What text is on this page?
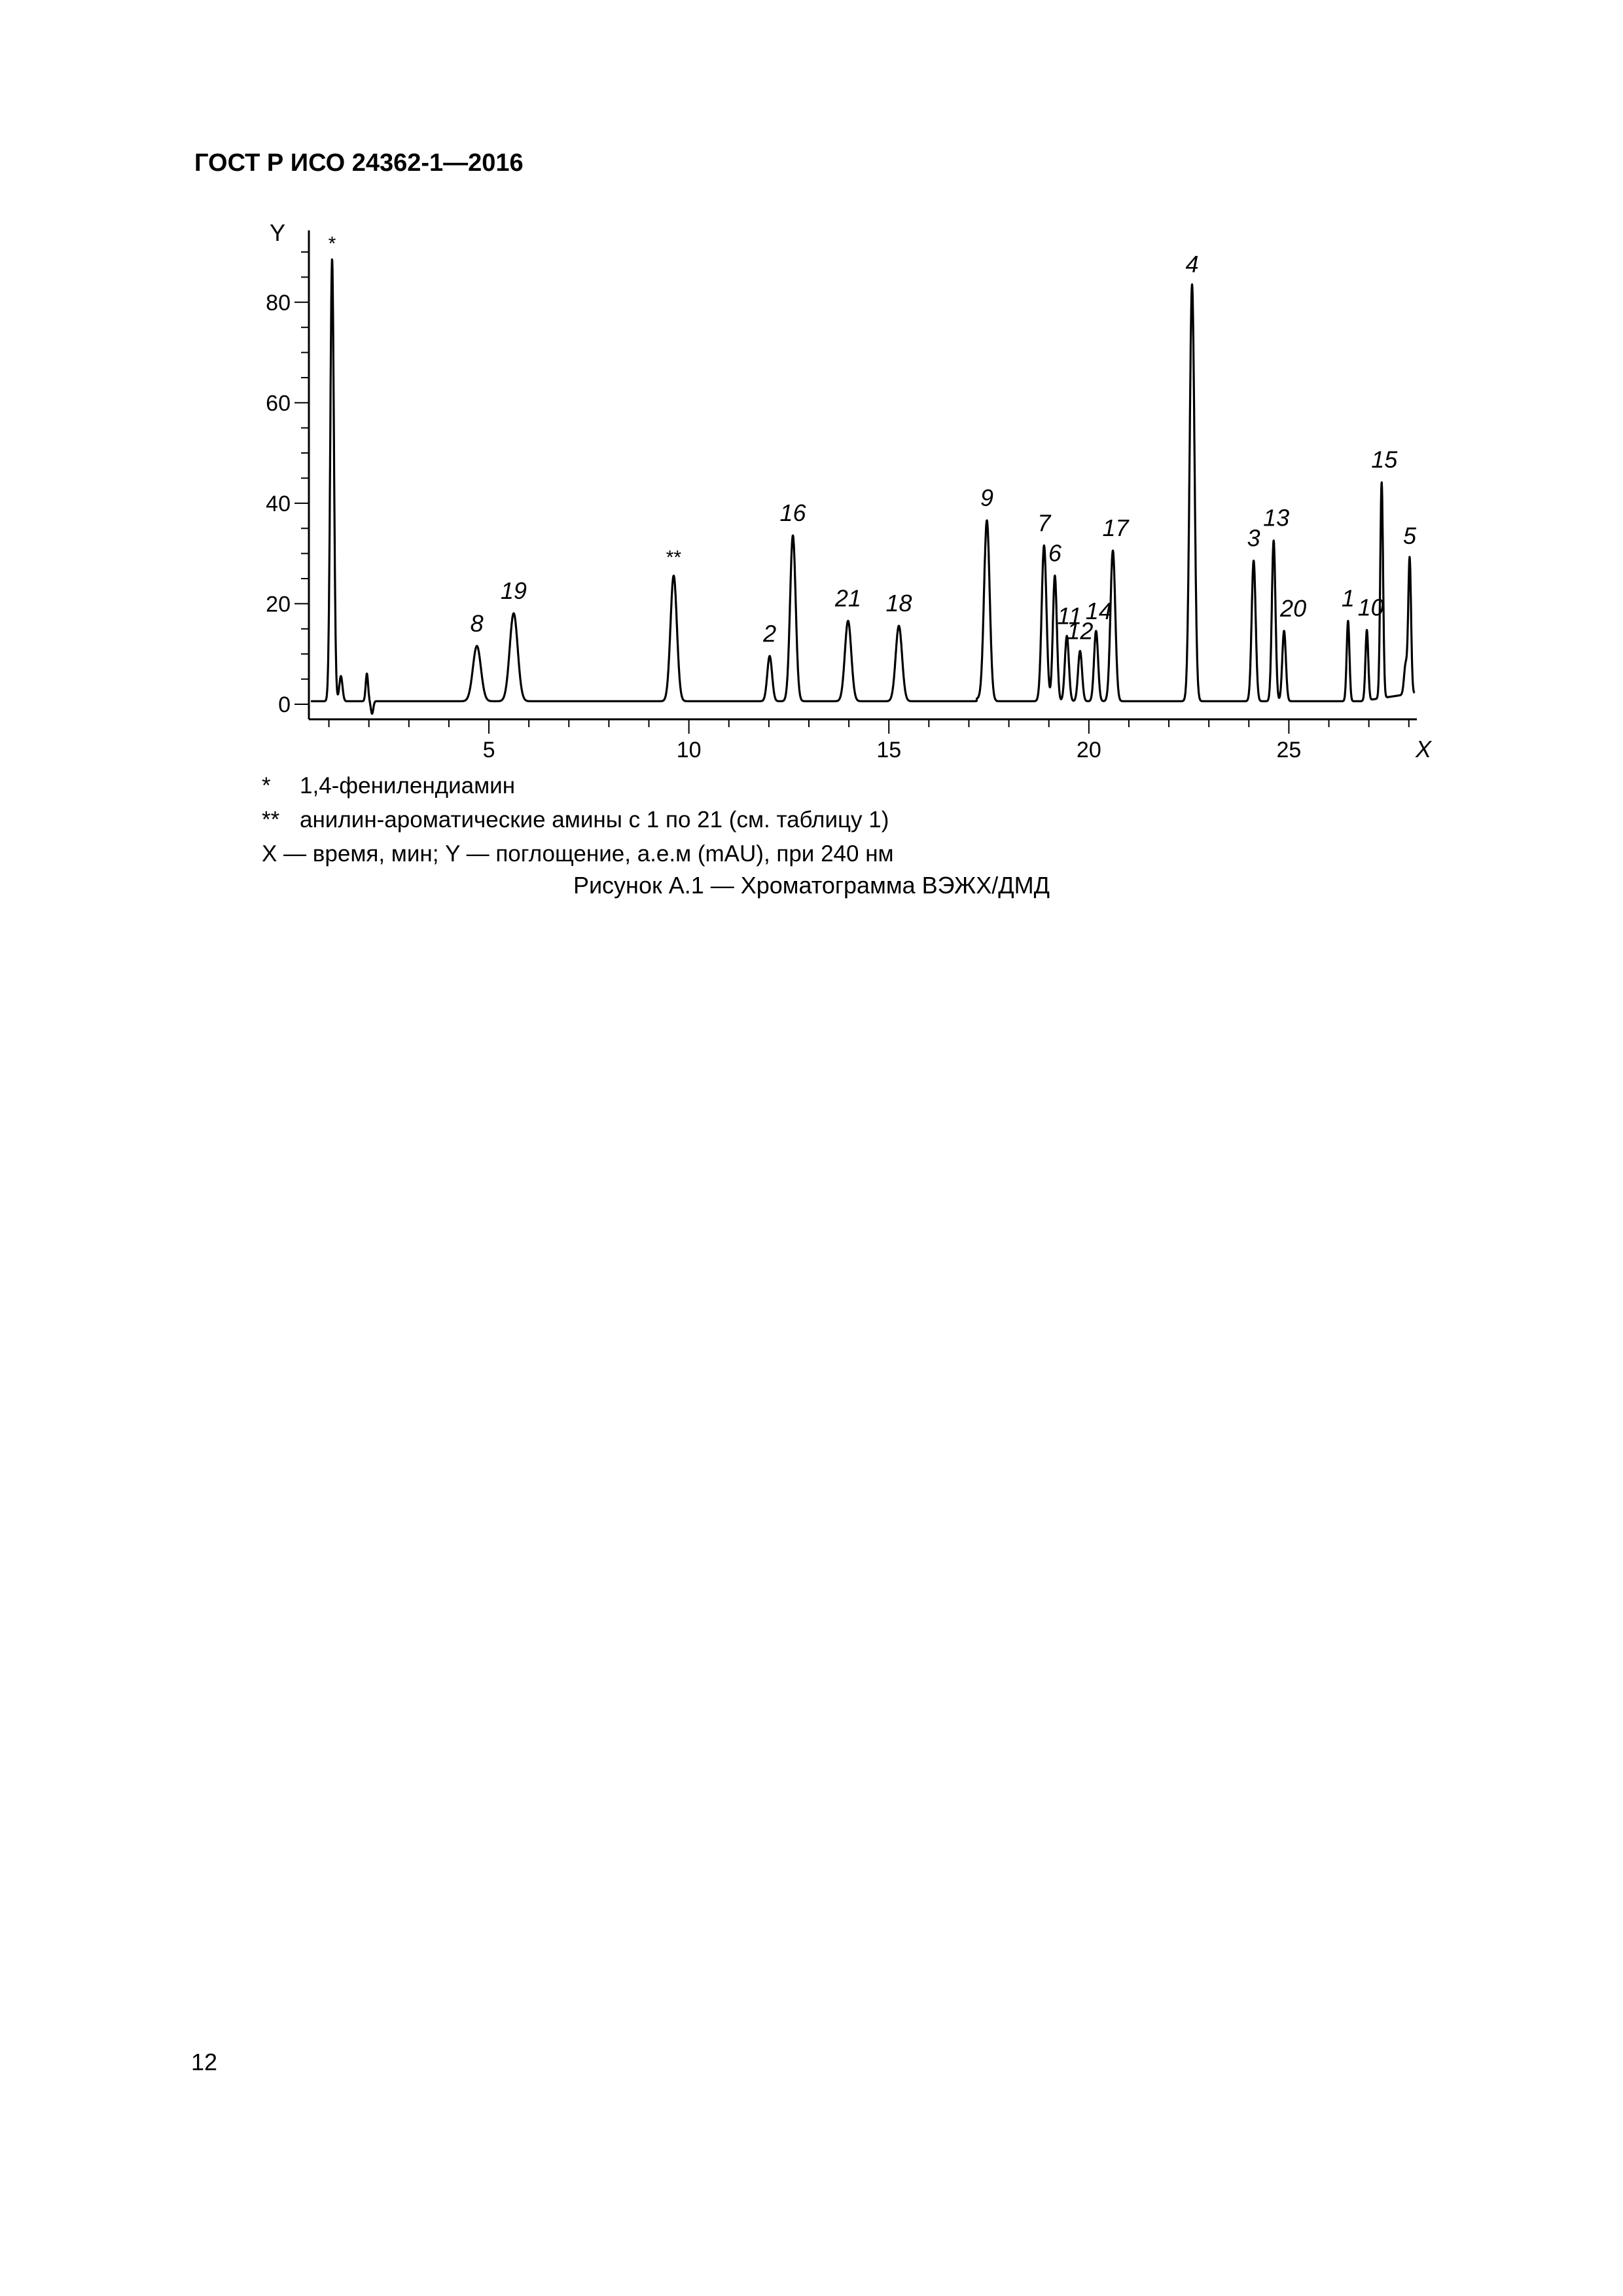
ГОСТ Р ИСО 24362-1—2016
0
20
40
60
80
Y
5	10	15	20	25	X
*
8
19
**
2
16
21 18
9
7
6
11
12
14
17
4
3
13
20 1 10
15
5
* 1,4-фенилендиамин
** анилин-ароматические амины с 1 по 21 (см. таблицу 1)
X — время, мин; Y — поглощение, а.е.м (mAU), при 240 нм
Рисунок А.1 — Хроматограмма ВЭЖХ/ДМД
12
